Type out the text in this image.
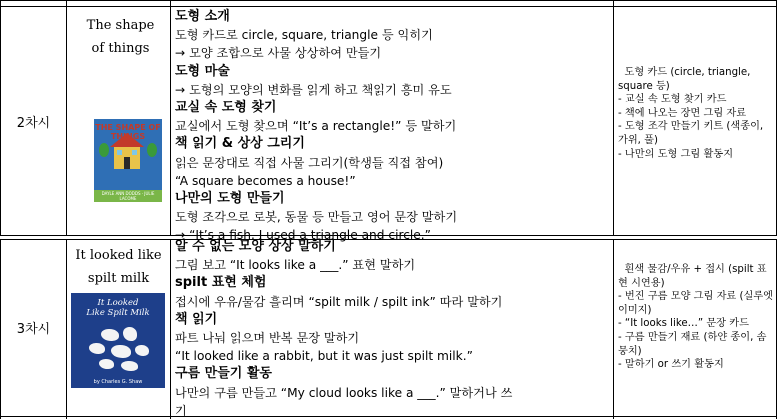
2차시
The shape
of things
THE SHAPE OF THINGS
DAYLE ANN DODDS · JULIE LACOME
도형 소개
도형 카드로 circle, square, triangle 등 익히기
→ 모양 조합으로 사물 상상하여 만들기
도형 마술
→ 도형의 모양의 변화를 읽게 하고 책읽기 흥미 유도
교실 속 도형 찾기
교실에서 도형 찾으며 “It’s a rectangle!” 등 말하기
책 읽기 & 상상 그리기
읽은 문장대로 직접 사물 그리기(학생들 직접 참여)
“A square becomes a house!”
나만의 도형 만들기
도형 조각으로 로봇, 동물 등 만들고 영어 문장 말하기
→ “It’s a fish. I used a triangle and circle.”
도형 카드 (circle, triangle, square 등)
- 교실 속 도형 찾기 카드
- 책에 나오는 장면 그림 자료
- 도형 조각 만들기 키트 (색종이, 가위, 풀)
- 나만의 도형 그림 활동지
3차시
It looked like
spilt milk
It Looked
Like Spilt Milk
by Charles G. Shaw
알 수 없는 모양 상상 말하기
그림 보고 “It looks like a ___.” 표현 말하기
spilt 표현 체험
접시에 우유/물감 흘리며 “spilt milk / spilt ink” 따라 말하기
책 읽기
파트 나눠 읽으며 반복 문장 말하기
“It looked like a rabbit, but it was just spilt milk.”
구름 만들기 활동
나만의 구름 만들고 “My cloud looks like a ___.” 말하거나 쓰
기
흰색 물감/우유 + 접시 (spilt 표현 시연용)
- 번진 구름 모양 그림 자료 (실루엣 이미지)
- “It looks like…” 문장 카드
- 구름 만들기 재료 (하얀 종이, 솜뭉치)
- 말하기 or 쓰기 활동지
